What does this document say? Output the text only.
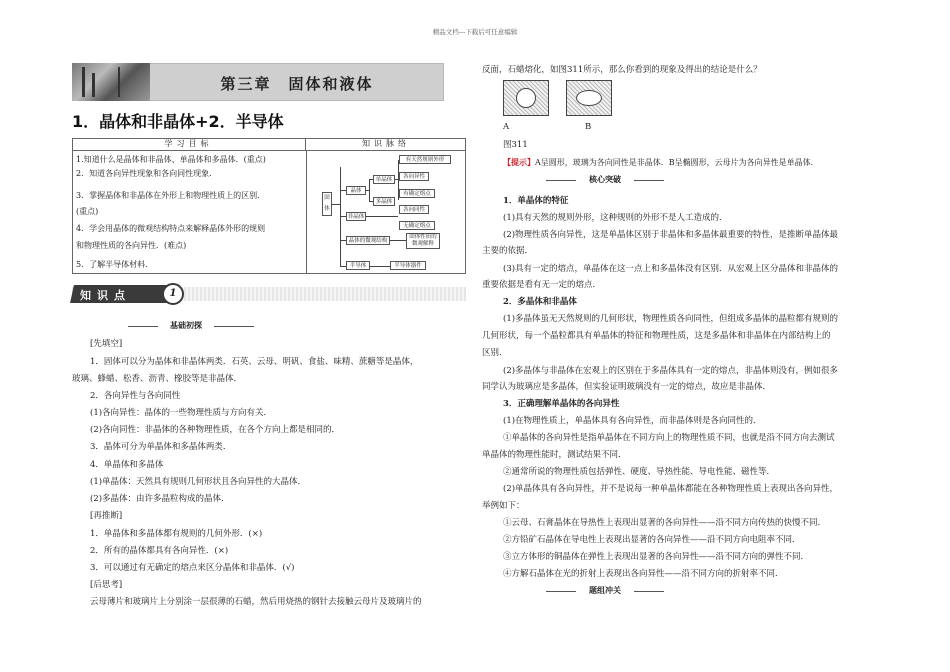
精品文档---下载后可任意编辑
第三章　固体和液体
1．晶体和非晶体+2．半导体
学习目标	知识脉络
1.知道什么是晶体和非晶体、单晶体和多晶体．(重点)
2．知道各向异性现象和各向同性现象．
3．掌握晶体和非晶体在外形上和物理性质上的区别．
(重点)
4．学会用晶体的微观结构特点来解释晶体外形的规则
和物理性质的各向异性．(难点)
5．了解半导体材料．
固体
晶体
单晶体
多晶体
非晶体
有天然规则外形
各向异性
有确定熔点
各向同性
无确定熔点
晶体的微观结构
固体性质的微观解释
半导体	半导体器件
知识点	1
基础初探
[先填空]
1．固体可以分为晶体和非晶体两类．石英、云母、明矾、食盐、味精、蔗糖等是晶体，
玻璃、蜂蜡、松香、沥青、橡胶等是非晶体．
2．各向异性与各向同性
(1)各向异性：晶体的一些物理性质与方向有关．
(2)各向同性：非晶体的各种物理性质，在各个方向上都是相同的．
3．晶体可分为单晶体和多晶体两类．
4．单晶体和多晶体
(1)单晶体：天然具有规则几何形状且各向异性的大晶体．
(2)多晶体：由许多晶粒构成的晶体．
[再推断]
1．单晶体和多晶体都有规则的几何外形．(×)
2．所有的晶体都具有各向异性．(×)
3．可以通过有无确定的熔点来区分晶体和非晶体．(√)
[后思考]
云母薄片和玻璃片上分别涂一层很薄的石蜡，然后用烧热的钢针去接触云母片及玻璃片的
反面，石蜡熔化，如图311所示，那么你看到的现象及得出的结论是什么？
A	B
图311
【提示】A呈圆形，玻璃为各向同性是非晶体．B呈椭圆形，云母片为各向异性是单晶体．
核心突破
1．单晶体的特征
(1)具有天然的规则外形，这种规则的外形不是人工造成的．
(2)物理性质各向异性，这是单晶体区别于非晶体和多晶体最重要的特性，是推断单晶体最
主要的依据．
(3)具有一定的熔点，单晶体在这一点上和多晶体没有区别．从宏观上区分晶体和非晶体的
重要依据是看有无一定的熔点．
2．多晶体和非晶体
(1)多晶体虽无天然规则的几何形状，物理性质各向同性，但组成多晶体的晶粒都有规则的
几何形状，每一个晶粒都具有单晶体的特征和物理性质，这是多晶体和非晶体在内部结构上的
区别．
(2)多晶体与非晶体在宏观上的区别在于多晶体具有一定的熔点，非晶体则没有，例如很多
同学认为玻璃应是多晶体，但实验证明玻璃没有一定的熔点，故应是非晶体．
3．正确理解单晶体的各向异性
(1)在物理性质上，单晶体具有各向异性，而非晶体则是各向同性的．
①单晶体的各向异性是指单晶体在不同方向上的物理性质不同，也就是沿不同方向去测试
单晶体的物理性能时，测试结果不同．
②通常所说的物理性质包括弹性、硬度、导热性能、导电性能、磁性等．
(2)单晶体具有各向异性，并不是说每一种单晶体都能在各种物理性质上表现出各向异性，
举例如下：
①云母、石膏晶体在导热性上表现出显著的各向异性——沿不同方向传热的快慢不同．
②方铅矿石晶体在导电性上表现出显著的各向异性——沿不同方向电阻率不同．
③立方体形的铜晶体在弹性上表现出显著的各向异性——沿不同方向的弹性不同．
④方解石晶体在光的折射上表现出各向异性——沿不同方向的折射率不同．
题组冲关
